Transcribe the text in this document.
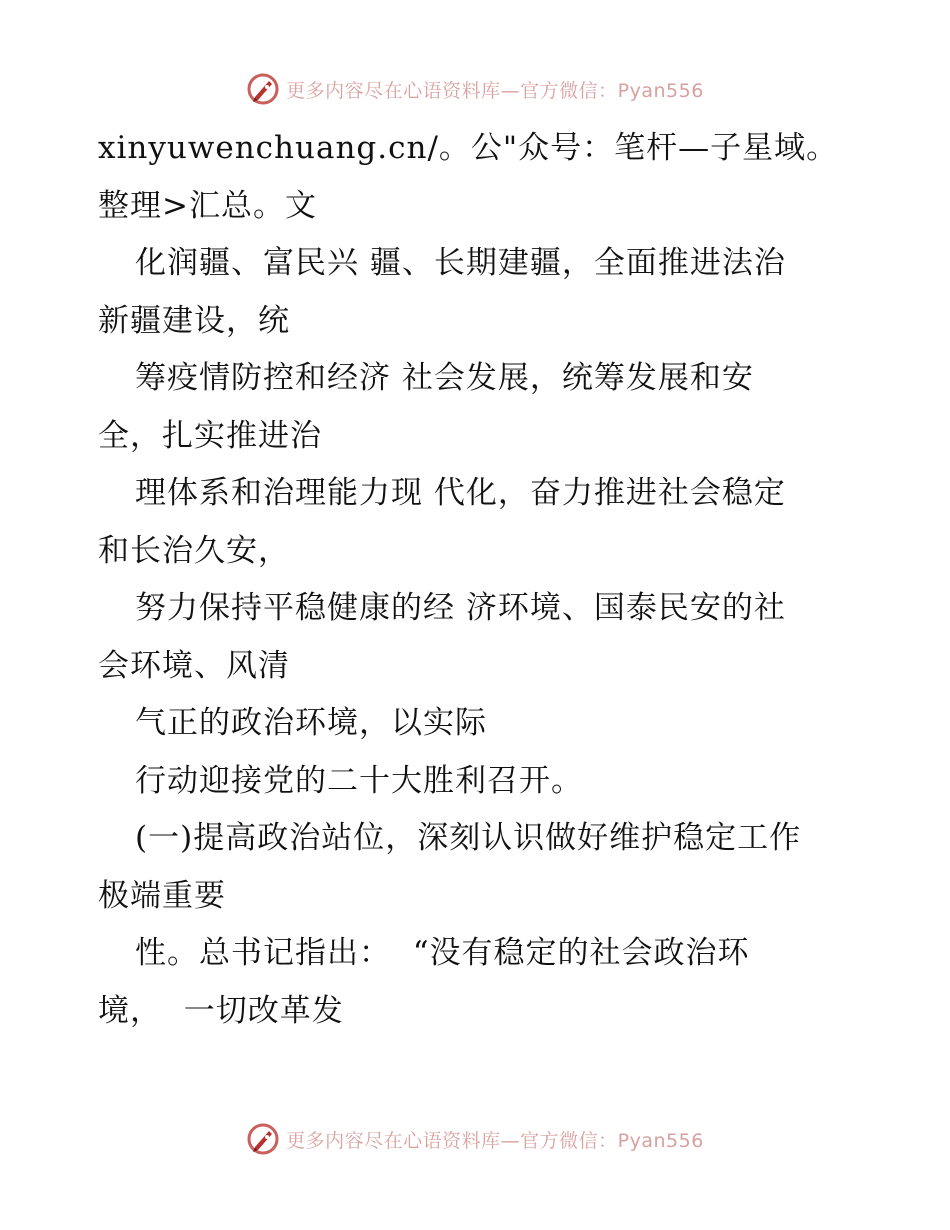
更多内容尽在心语资料库—官方微信：Pyan556
xinyuwenchuang.cn/。公"众号：笔杆—子星域。
整理>汇总。文
化润疆、富民兴 疆、长期建疆，全面推进法治
新疆建设，统
筹疫情防控和经济 社会发展，统筹发展和安
全，扎实推进治
理体系和治理能力现 代化，奋力推进社会稳定
和长治久安，
努力保持平稳健康的经 济环境、国泰民安的社
会环境、风清
气正的政治环境，以实际
行动迎接党的二十大胜利召开。
(一)提高政治站位，深刻认识做好维护稳定工作
极端重要
性。总书记指出：  “没有稳定的社会政治环
境，  一切改革发
更多内容尽在心语资料库—官方微信：Pyan556
